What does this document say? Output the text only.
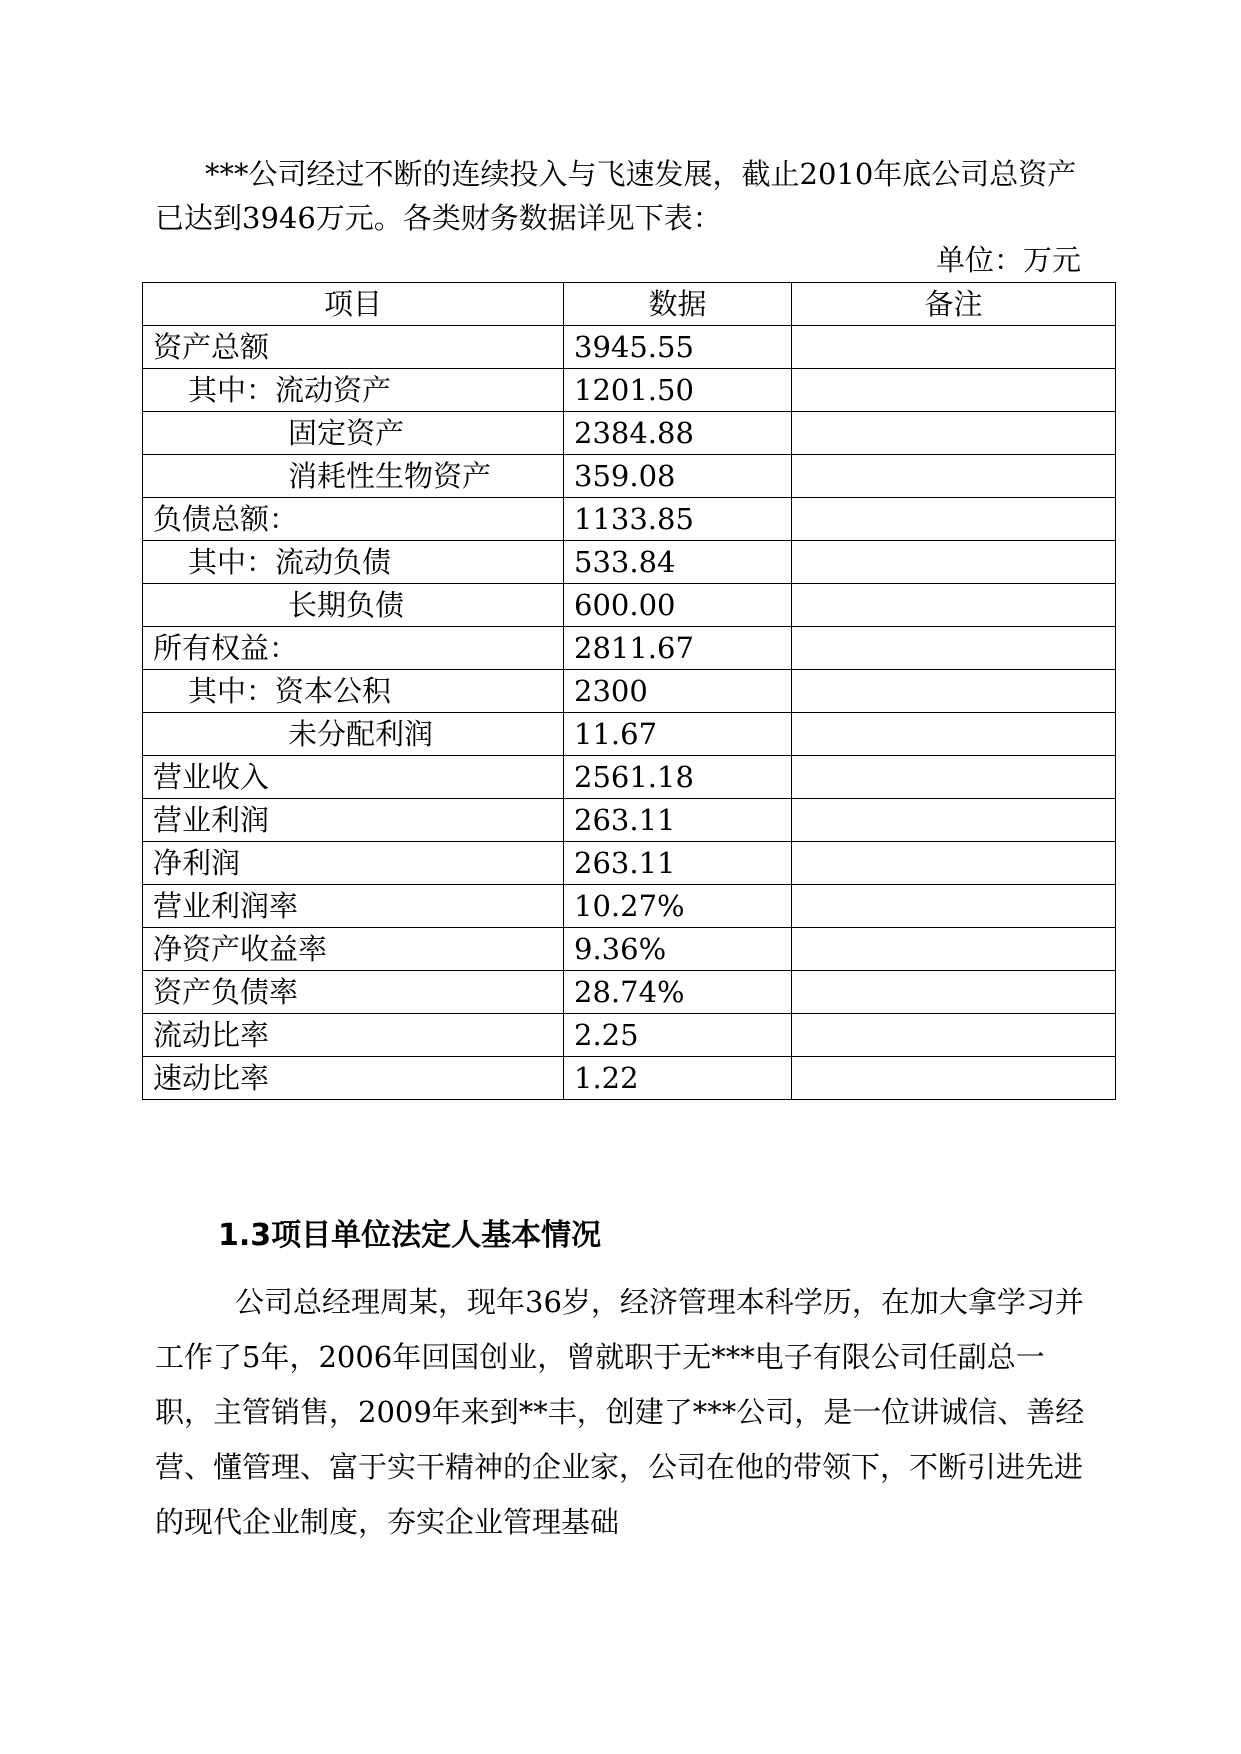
***公司经过不断的连续投入与飞速发展，截止2010年底公司总资产已达到3946万元。各类财务数据详见下表：

单位：万元
项目	数据	备注
资产总额	3945.55	
其中：流动资产	1201.50	
固定资产	2384.88	
消耗性生物资产	359.08	
负债总额：	1133.85	
其中：流动负债	533.84	
长期负债	600.00	
所有权益：	2811.67	
其中：资本公积	2300	
未分配利润	11.67	
营业收入	2561.18	
营业利润	263.11	
净利润	263.11	
营业利润率	10.27%	
净资产收益率	9.36%	
资产负债率	28.74%	
流动比率	2.25	
速动比率	1.22	
1.3项目单位法定人基本情况

公司总经理周某，现年36岁，经济管理本科学历，在加大拿学习并工作了5年，2006年回国创业，曾就职于无***电子有限公司任副总一职，主管销售，2009年来到**丰，创建了***公司，是一位讲诚信、善经营、懂管理、富于实干精神的企业家，公司在他的带领下，不断引进先进的现代企业制度，夯实企业管理基础
